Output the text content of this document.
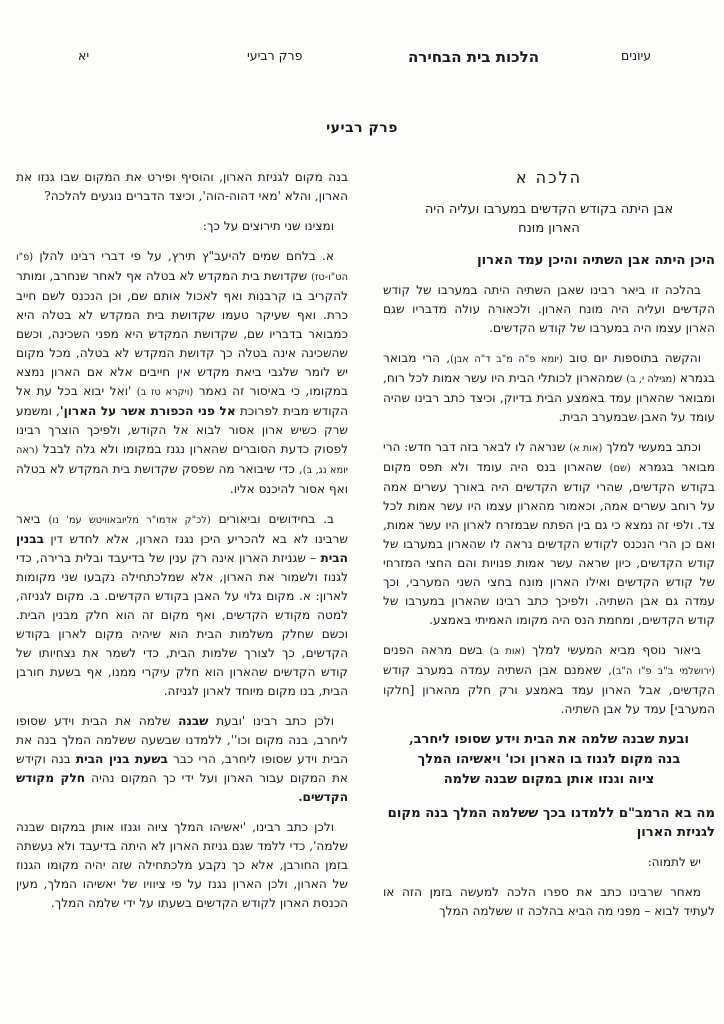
יא	פרק רביעי	הלכות בית הבחירה	עיונים
פרק רביעי
הלכה א
אבן היתה בקודש הקדשים במערבו ועליה היה הארון מונח
היכן היתה אבן השתיה והיכן עמד הארון

בהלכה זו ביאר רבינו שאבן השתיה היתה במערבו של קודש הקדשים ועליה היה מונח הארון. ולכאורה עולה מדבריו שגם הארון עצמו היה במערבו של קודש הקדשים.

והקשה בתוספות יום טוב (יומא פ"ה מ"ב ד"ה אבן), הרי מבואר בגמרא (מגילה י, ב) שמהארון לכותלי הבית היו עשר אמות לכל רוח, ומבואר שהארון עמד באמצע הבית בדיוק, וכיצד כתב רבינו שהיה עומד על האבן שבמערב הבית.

וכתב במעשי למלך (אות א) שנראה לו לבאר בזה דבר חדש: הרי מבואר בגמרא (שם) שהארון בנס היה עומד ולא תפס מקום בקודש הקדשים, שהרי קודש הקדשים היה באורך עשרים אמה על רוחב עשרים אמה, וכאמור מהארון עצמו היו עשר אמות לכל צד. ולפי זה נמצא כי גם בין הפתח שבמזרח לארון היו עשר אמות, ואם כן הרי הנכנס לקודש הקדשים נראה לו שהארון במערבו של קודש הקדשים, כיון שראה עשר אמות פנויות והם החצי המזרחי של קודש הקדשים ואילו הארון מונח בחצי השני המערבי, וכך עמדה גם אבן השתיה. ולפיכך כתב רבינו שהארון במערבו של קודש הקדשים, ומחמת הנס היה מקומו האמיתי באמצע.

ביאור נוסף מביא המעשי למלך (אות ב) בשם מראה הפנים (ירושלמי ב"ב פ"ו ה"ב), שאמנם אבן השתיה עמדה במערב קודש הקדשים, אבל הארון עמד באמצע ורק חלק מהארון [חלקו המערבי] עמד על אבן השתיה.

ובעת שבנה שלמה את הבית וידע שסופו ליחרב, בנה מקום לגנוז בו הארון וכו' ויאשיהו המלך ציוה וגנזו אותן במקום שבנה שלמה
מה בא הרמב"ם ללמדנו בכך ששלמה המלך בנה מקום לגניזת הארון
יש לתמוה:

מאחר שרבינו כתב את ספרו הלכה למעשה בזמן הזה או לעתיד לבוא – מפני מה הביא בהלכה זו ששלמה המלך

בנה מקום לגניזת הארון, והוסיף ופירט את המקום שבו גנזו את הארון, והלא 'מאי דהוה-הוה', וכיצד הדברים נוגעים להלכה?

ומצינו שני תירוצים על כך:

א. בלחם שמים להיעב"ץ תירץ, על פי דברי רבינו להלן (פ"ו הט"ו-טז) שקדושת בית המקדש לא בטלה אף לאחר שנחרב, ומותר להקריב בו קרבנות ואף לאכול אותם שם, וכן הנכנס לשם חייב כרת. ואף שעיקר טעמו שקדושת בית המקדש לא בטלה היא כמבואר בדבריו שם, שקדושת המקדש היא מפני השכינה, וכשם שהשכינה אינה בטלה כך קדושת המקדש לא בטלה, מכל מקום יש לומר שלגבי ביאת מקדש אין חייבים אלא אם הארון נמצא במקומו, כי באיסור זה נאמר (ויקרא טז ב) 'ואל יבוא בכל עת אל הקודש מבית לפרוכת אל פני הכפורת אשר על הארון', ומשמע שרק כשיש ארון אסור לבוא אל הקודש, ולפיכך הוצרך רבינו לפסוק כדעת הסוברים שהארון נגנז במקומו ולא גלה לבבל (ראה יומא נג, ב), כדי שיבואר מה שפסק שקדושת בית המקדש לא בטלה ואף אסור להיכנס אליו.

ב. בחידושים וביאורים (לכ"ק אדמו"ר מליובאוויטש עמ' נו) ביאר שרבינו לא בא להכריע היכן נגנז הארון, אלא לחדש דין בבנין הבית – שגניזת הארון אינה רק ענין של בדיעבד ובלית ברירה, כדי לגנוז ולשמור את הארון, אלא שמלכתחילה נקבעו שני מקומות לארון: א. מקום גלוי על האבן בקודש הקדשים. ב. מקום לגניזה, למטה מקודש הקדשים, ואף מקום זה הוא חלק מבנין הבית. וכשם שחלק משלמות הבית הוא שיהיה מקום לארון בקודש הקדשים, כך לצורך שלמות הבית, כדי לשמר את נצחיותו של קודש הקדשים שהארון הוא חלק עיקרי ממנו, אף בשעת חורבן הבית, בנו מקום מיוחד לארון לגניזה.

ולכן כתב רבינו 'ובעת שבנה שלמה את הבית וידע שסופו ליחרב, בנה מקום וכו'', ללמדנו שבשעה ששלמה המלך בנה את הבית וידע שסופו ליחרב, הרי כבר בשעת בנין הבית בנה וקידש את המקום עבור הארון ועל ידי כך המקום נהיה חלק מקודש הקדשים.

ולכן כתב רבינו, 'יאשיהו המלך ציוה וגנזו אותן במקום שבנה שלמה', כדי ללמד שגם גניזת הארון לא היתה בדיעבד ולא נעשתה בזמן החורבן, אלא כך נקבע מלכתחילה שזה יהיה מקומו הגנוז של הארון, ולכן הארון נגנז על פי ציוויו של יאשיהו המלך, מעין הכנסת הארון לקודש הקדשים בשעתו על ידי שלמה המלך.
